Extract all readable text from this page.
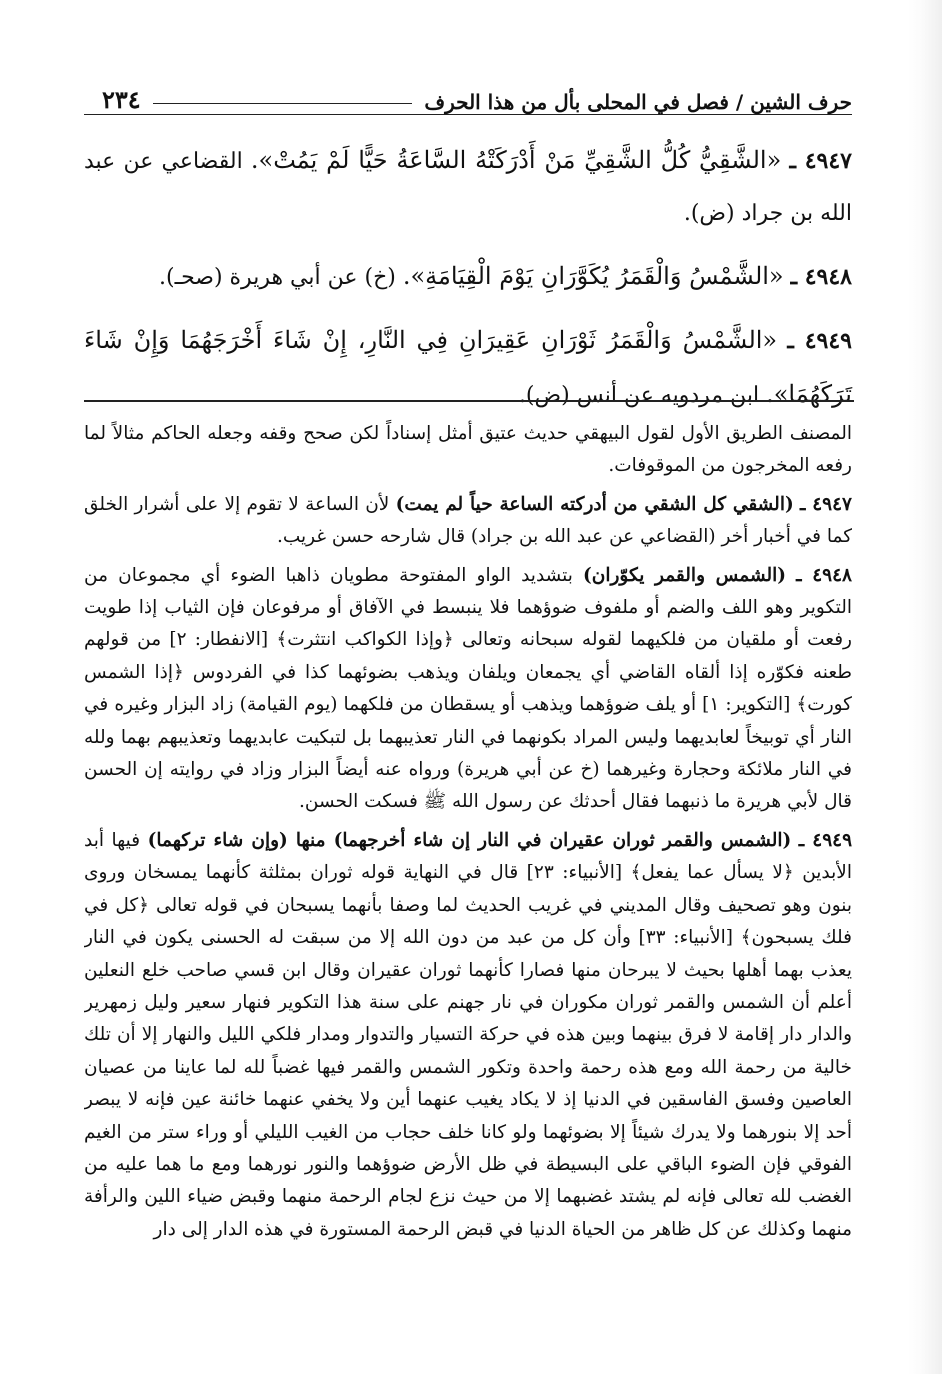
٢٣٤	حرف الشين / فصل في المحلى بأل من هذا الحرف

٤٩٤٧ ـ «الشَّقِيُّ كُلُّ الشَّقِيِّ مَنْ أَدْرَكَتْهُ السَّاعَةُ حَيًّا لَمْ يَمُتْ». القضاعي عن عبد الله بن جراد (ض).

٤٩٤٨ ـ «الشَّمْسُ وَالْقَمَرُ يُكَوَّرَانِ يَوْمَ الْقِيَامَةِ». (خ) عن أبي هريرة (صحـ).

٤٩٤٩ ـ «الشَّمْسُ وَالْقَمَرُ ثَوْرَانِ عَقِيرَانِ فِي النَّارِ، إِنْ شَاءَ أَخْرَجَهُمَا وَإِنْ شَاءَ تَرَكَهُمَا». ابن مردويه عن أنس (ض).

المصنف الطريق الأول لقول البيهقي حديث عتيق أمثل إسناداً لكن صحح وقفه وجعله الحاكم مثالاً لما رفعه المخرجون من الموقوفات.

٤٩٤٧ ـ (الشقي كل الشقي من أدركته الساعة حياً لم يمت) لأن الساعة لا تقوم إلا على أشرار الخلق كما في أخبار أخر (القضاعي عن عبد الله بن جراد) قال شارحه حسن غريب.

٤٩٤٨ ـ (الشمس والقمر يكوّران) بتشديد الواو المفتوحة مطويان ذاهبا الضوء أي مجموعان من التكوير وهو اللف والضم أو ملفوف ضوؤهما فلا ينبسط في الآفاق أو مرفوعان فإن الثياب إذا طويت رفعت أو ملقيان من فلكيهما لقوله سبحانه وتعالى ﴿وإذا الكواكب انتثرت﴾ [الانفطار: ٢] من قولهم طعنه فكوّره إذا ألقاه القاضي أي يجمعان ويلفان ويذهب بضوئهما كذا في الفردوس ﴿إذا الشمس كورت﴾ [التكوير: ١] أو يلف ضوؤهما ويذهب أو يسقطان من فلكهما (يوم القيامة) زاد البزار وغيره في النار أي توبيخاً لعابديهما وليس المراد بكونهما في النار تعذيبهما بل لتبكيت عابديهما وتعذيبهم بهما ولله في النار ملائكة وحجارة وغيرهما (خ عن أبي هريرة) ورواه عنه أيضاً البزار وزاد في روايته إن الحسن قال لأبي هريرة ما ذنبهما فقال أحدثك عن رسول الله ﷺ فسكت الحسن.

٤٩٤٩ ـ (الشمس والقمر ثوران عقيران في النار إن شاء أخرجهما) منها (وإن شاء تركهما) فيها أبد الأبدين ﴿لا يسأل عما يفعل﴾ [الأنبياء: ٢٣] قال في النهاية قوله ثوران بمثلثة كأنهما يمسخان وروى بنون وهو تصحيف وقال المديني في غريب الحديث لما وصفا بأنهما يسبحان في قوله تعالى ﴿كل في فلك يسبحون﴾ [الأنبياء: ٣٣] وأن كل من عبد من دون الله إلا من سبقت له الحسنى يكون في النار يعذب بهما أهلها بحيث لا يبرحان منها فصارا كأنهما ثوران عقيران وقال ابن قسي صاحب خلع النعلين أعلم أن الشمس والقمر ثوران مكوران في نار جهنم على سنة هذا التكوير فنهار سعير وليل زمهرير والدار دار إقامة لا فرق بينهما وبين هذه في حركة التسيار والتدوار ومدار فلكي الليل والنهار إلا أن تلك خالية من رحمة الله ومع هذه رحمة واحدة وتكور الشمس والقمر فيها غضباً لله لما عاينا من عصيان العاصين وفسق الفاسقين في الدنيا إذ لا يكاد يغيب عنهما أين ولا يخفي عنهما خائنة عين فإنه لا يبصر أحد إلا بنورهما ولا يدرك شيئاً إلا بضوئهما ولو كانا خلف حجاب من الغيب الليلي أو وراء ستر من الغيم الفوقي فإن الضوء الباقي على البسيطة في ظل الأرض ضوؤهما والنور نورهما ومع ما هما عليه من الغضب لله تعالى فإنه لم يشتد غضبهما إلا من حيث نزع لجام الرحمة منهما وقبض ضياء اللين والرأفة منهما وكذلك عن كل ظاهر من الحياة الدنيا في قبض الرحمة المستورة في هذه الدار إلى دار
